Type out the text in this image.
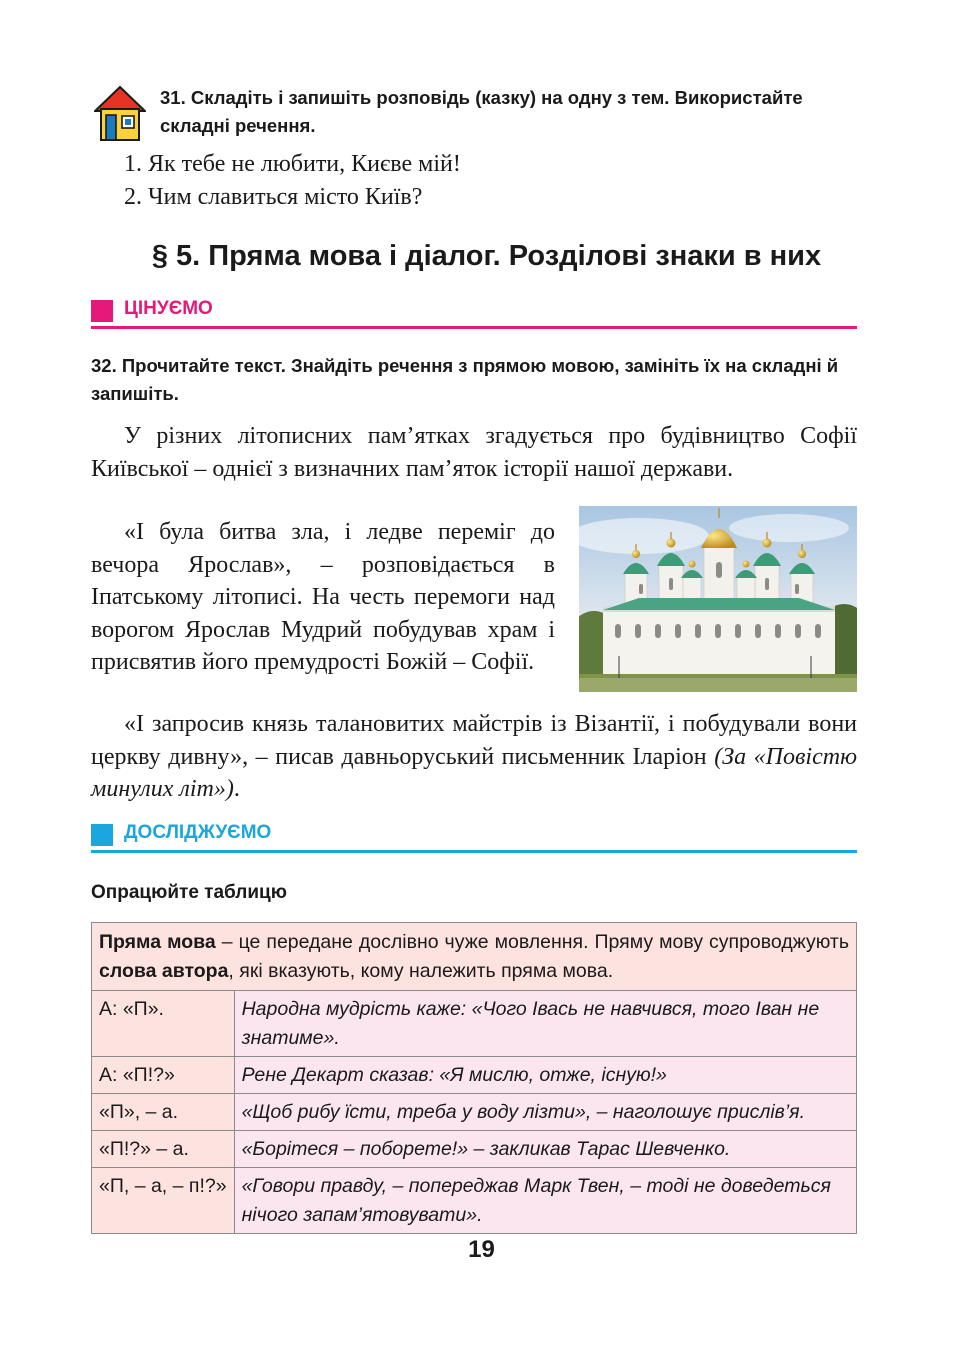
31. Складіть і запишіть розповідь (казку) на одну з тем. Використайте складні речення.
1. Як тебе не любити, Києве мій!
2. Чим славиться місто Київ?
§ 5. Пряма мова і діалог. Розділові знаки в них
ЦІНУЄМО
32. Прочитайте текст. Знайдіть речення з прямою мовою, замініть їх на складні й запишіть.

У різних літописних пам’ятках згадується про будівництво Софії Київської – однієї з визначних пам’яток історії нашої держави.

«І була битва зла, і ледве переміг до вечора Ярослав», – розповідається в Іпатському літописі. На честь перемоги над ворогом Ярослав Мудрий побудував храм і присвятив його премудрості Божій – Софії.

«І запросив князь талановитих майстрів із Візантії, і побудували вони церкву дивну», – писав давньоруський письменник Іларіон (За «Повістю минулих літ»).

ДОСЛІДЖУЄМО
Опрацюйте таблицю
Пряма мова – це передане дослівно чуже мовлення. Пряму мову супроводжують слова автора, які вказують, кому належить пряма мова.	
А: «П».	Народна мудрість каже: «Чого Івась не навчився, того Іван не знатиме».
А: «П!?»	Рене Декарт сказав: «Я мислю, отже, існую!»
«П», – а.	«Щоб рибу їсти, треба у воду лізти», – наголошує прислів’я.
«П!?» – а.	«Борітеся – поборете!» – закликав Тарас Шевченко.
«П, – а, – п!?»	«Говори правду, – попереджав Марк Твен, – тоді не доведеться нічого запам’ятовувати».
19
